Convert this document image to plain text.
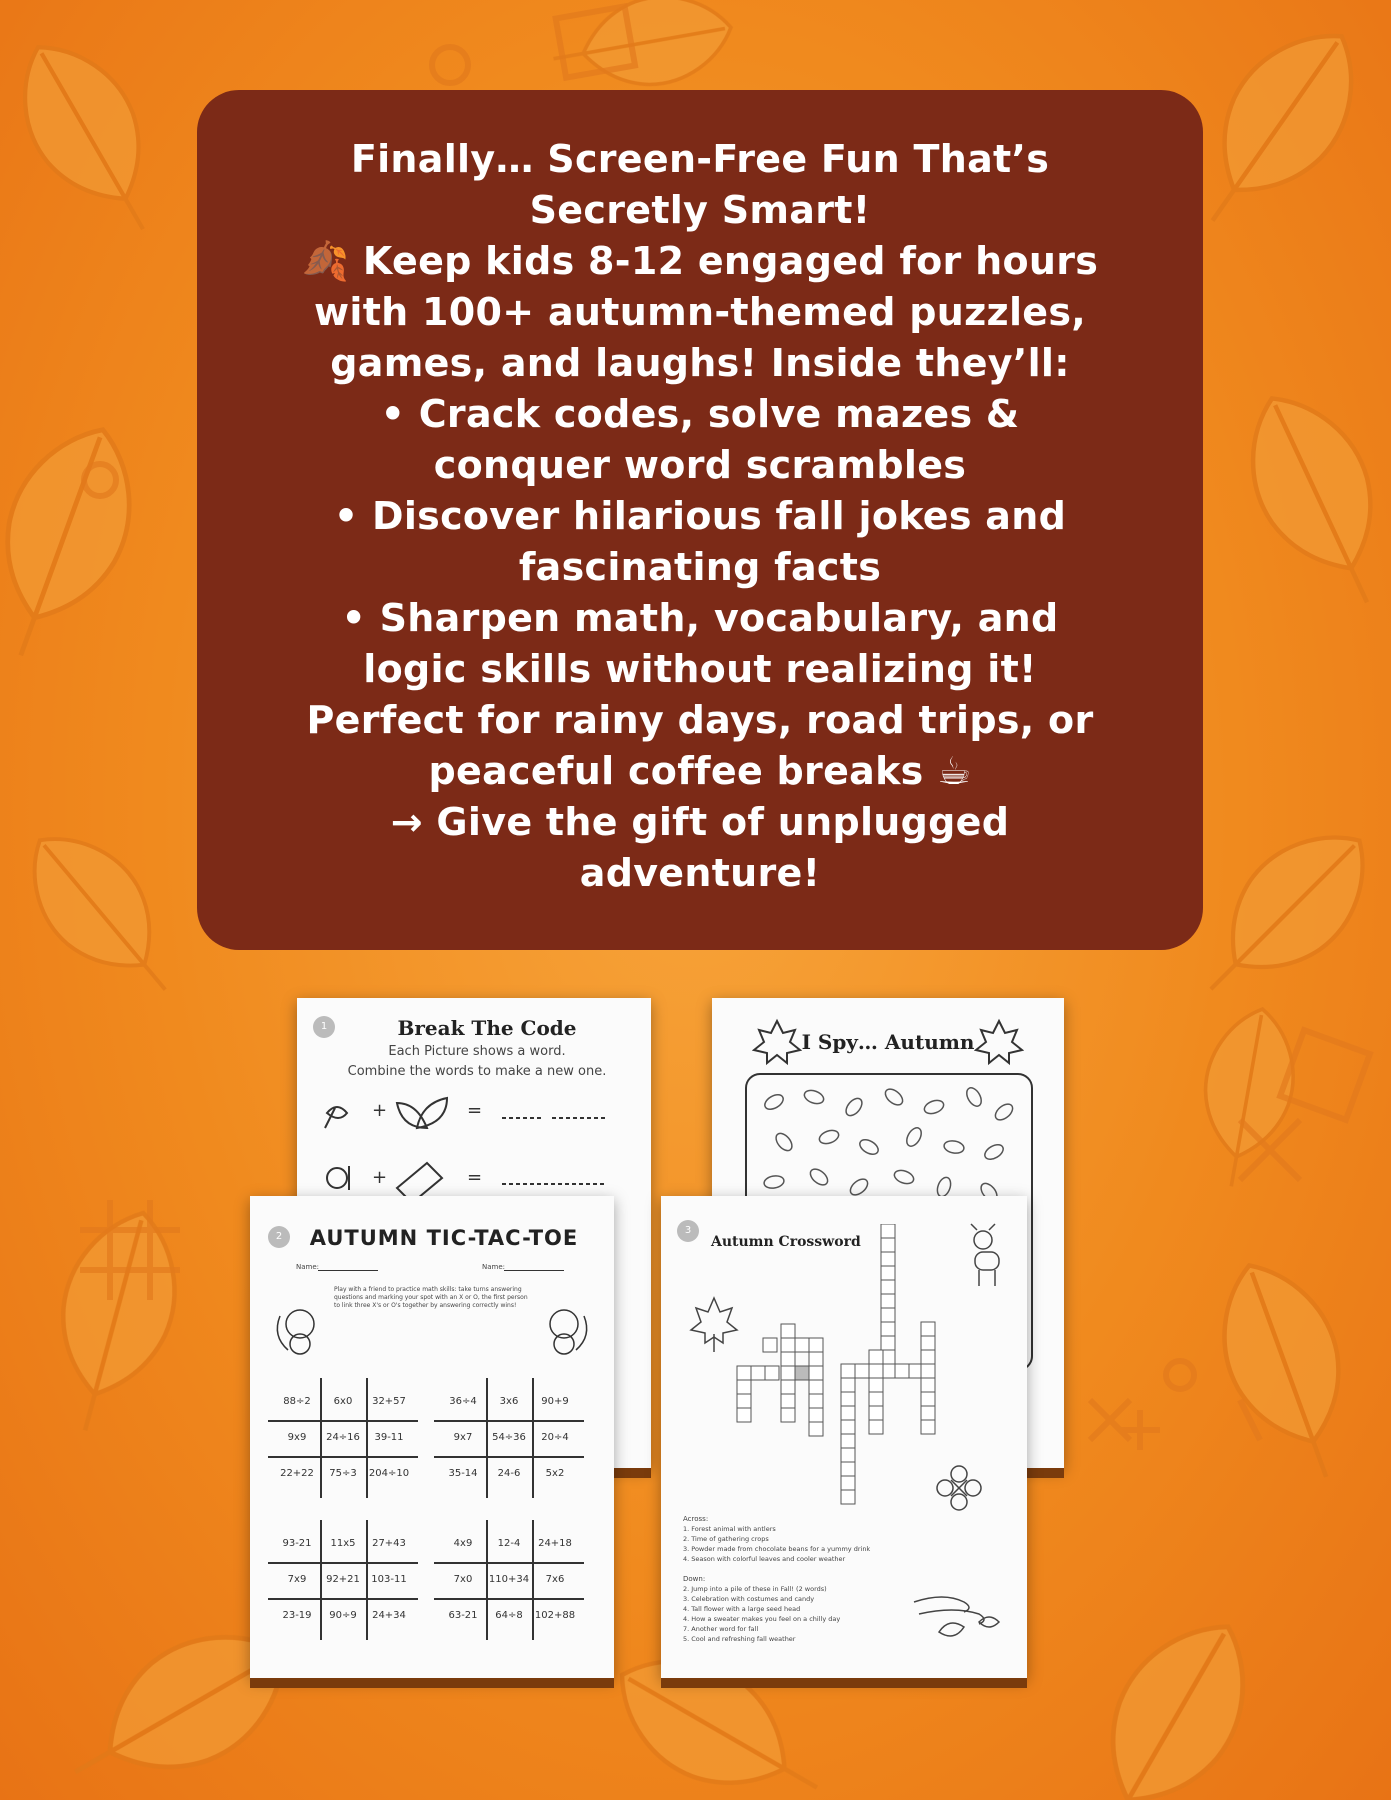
Finally… Screen-Free Fun That’s
Secretly Smart!
🍂 Keep kids 8-12 engaged for hours
with 100+ autumn-themed puzzles,
games, and laughs! Inside they’ll:
• Crack codes, solve mazes &
conquer word scrambles
• Discover hilarious fall jokes and
fascinating facts
• Sharpen math, vocabulary, and
logic skills without realizing it!
Perfect for rainy days, road trips, or
peaceful coffee breaks ☕
→ Give the gift of unplugged
adventure!
1	Break The Code
Each Picture shows a word.
Combine the words to make a new one.
+	=
+	=
I Spy… Autumn
2	AUTUMN TIC-TAC-TOE
Name:	Name:
Play with a friend to practice math skills: take turns answering questions and marking your spot with an X or O, the first person to link three X's or O's together by answering correctly wins!
88÷2	6x0	32+57
9x9	24÷16	39-11
22+22	75÷3	204÷10
36÷4	3x6	90+9
9x7	54÷36	20÷4
35-14	24-6	5x2
93-21	11x5	27+43
7x9	92+21	103-11
23-19	90÷9	24+34
4x9	12-4	24+18
7x0	110+34	7x6
63-21	64÷8	102+88
3
Autumn Crossword
Across:
1. Forest animal with antlers
2. Time of gathering crops
3. Powder made from chocolate beans for a yummy drink
4. Season with colorful leaves and cooler weather
Down:
2. Jump into a pile of these in Fall! (2 words)
3. Celebration with costumes and candy
4. Tall flower with a large seed head
4. How a sweater makes you feel on a chilly day
7. Another word for fall
5. Cool and refreshing fall weather
